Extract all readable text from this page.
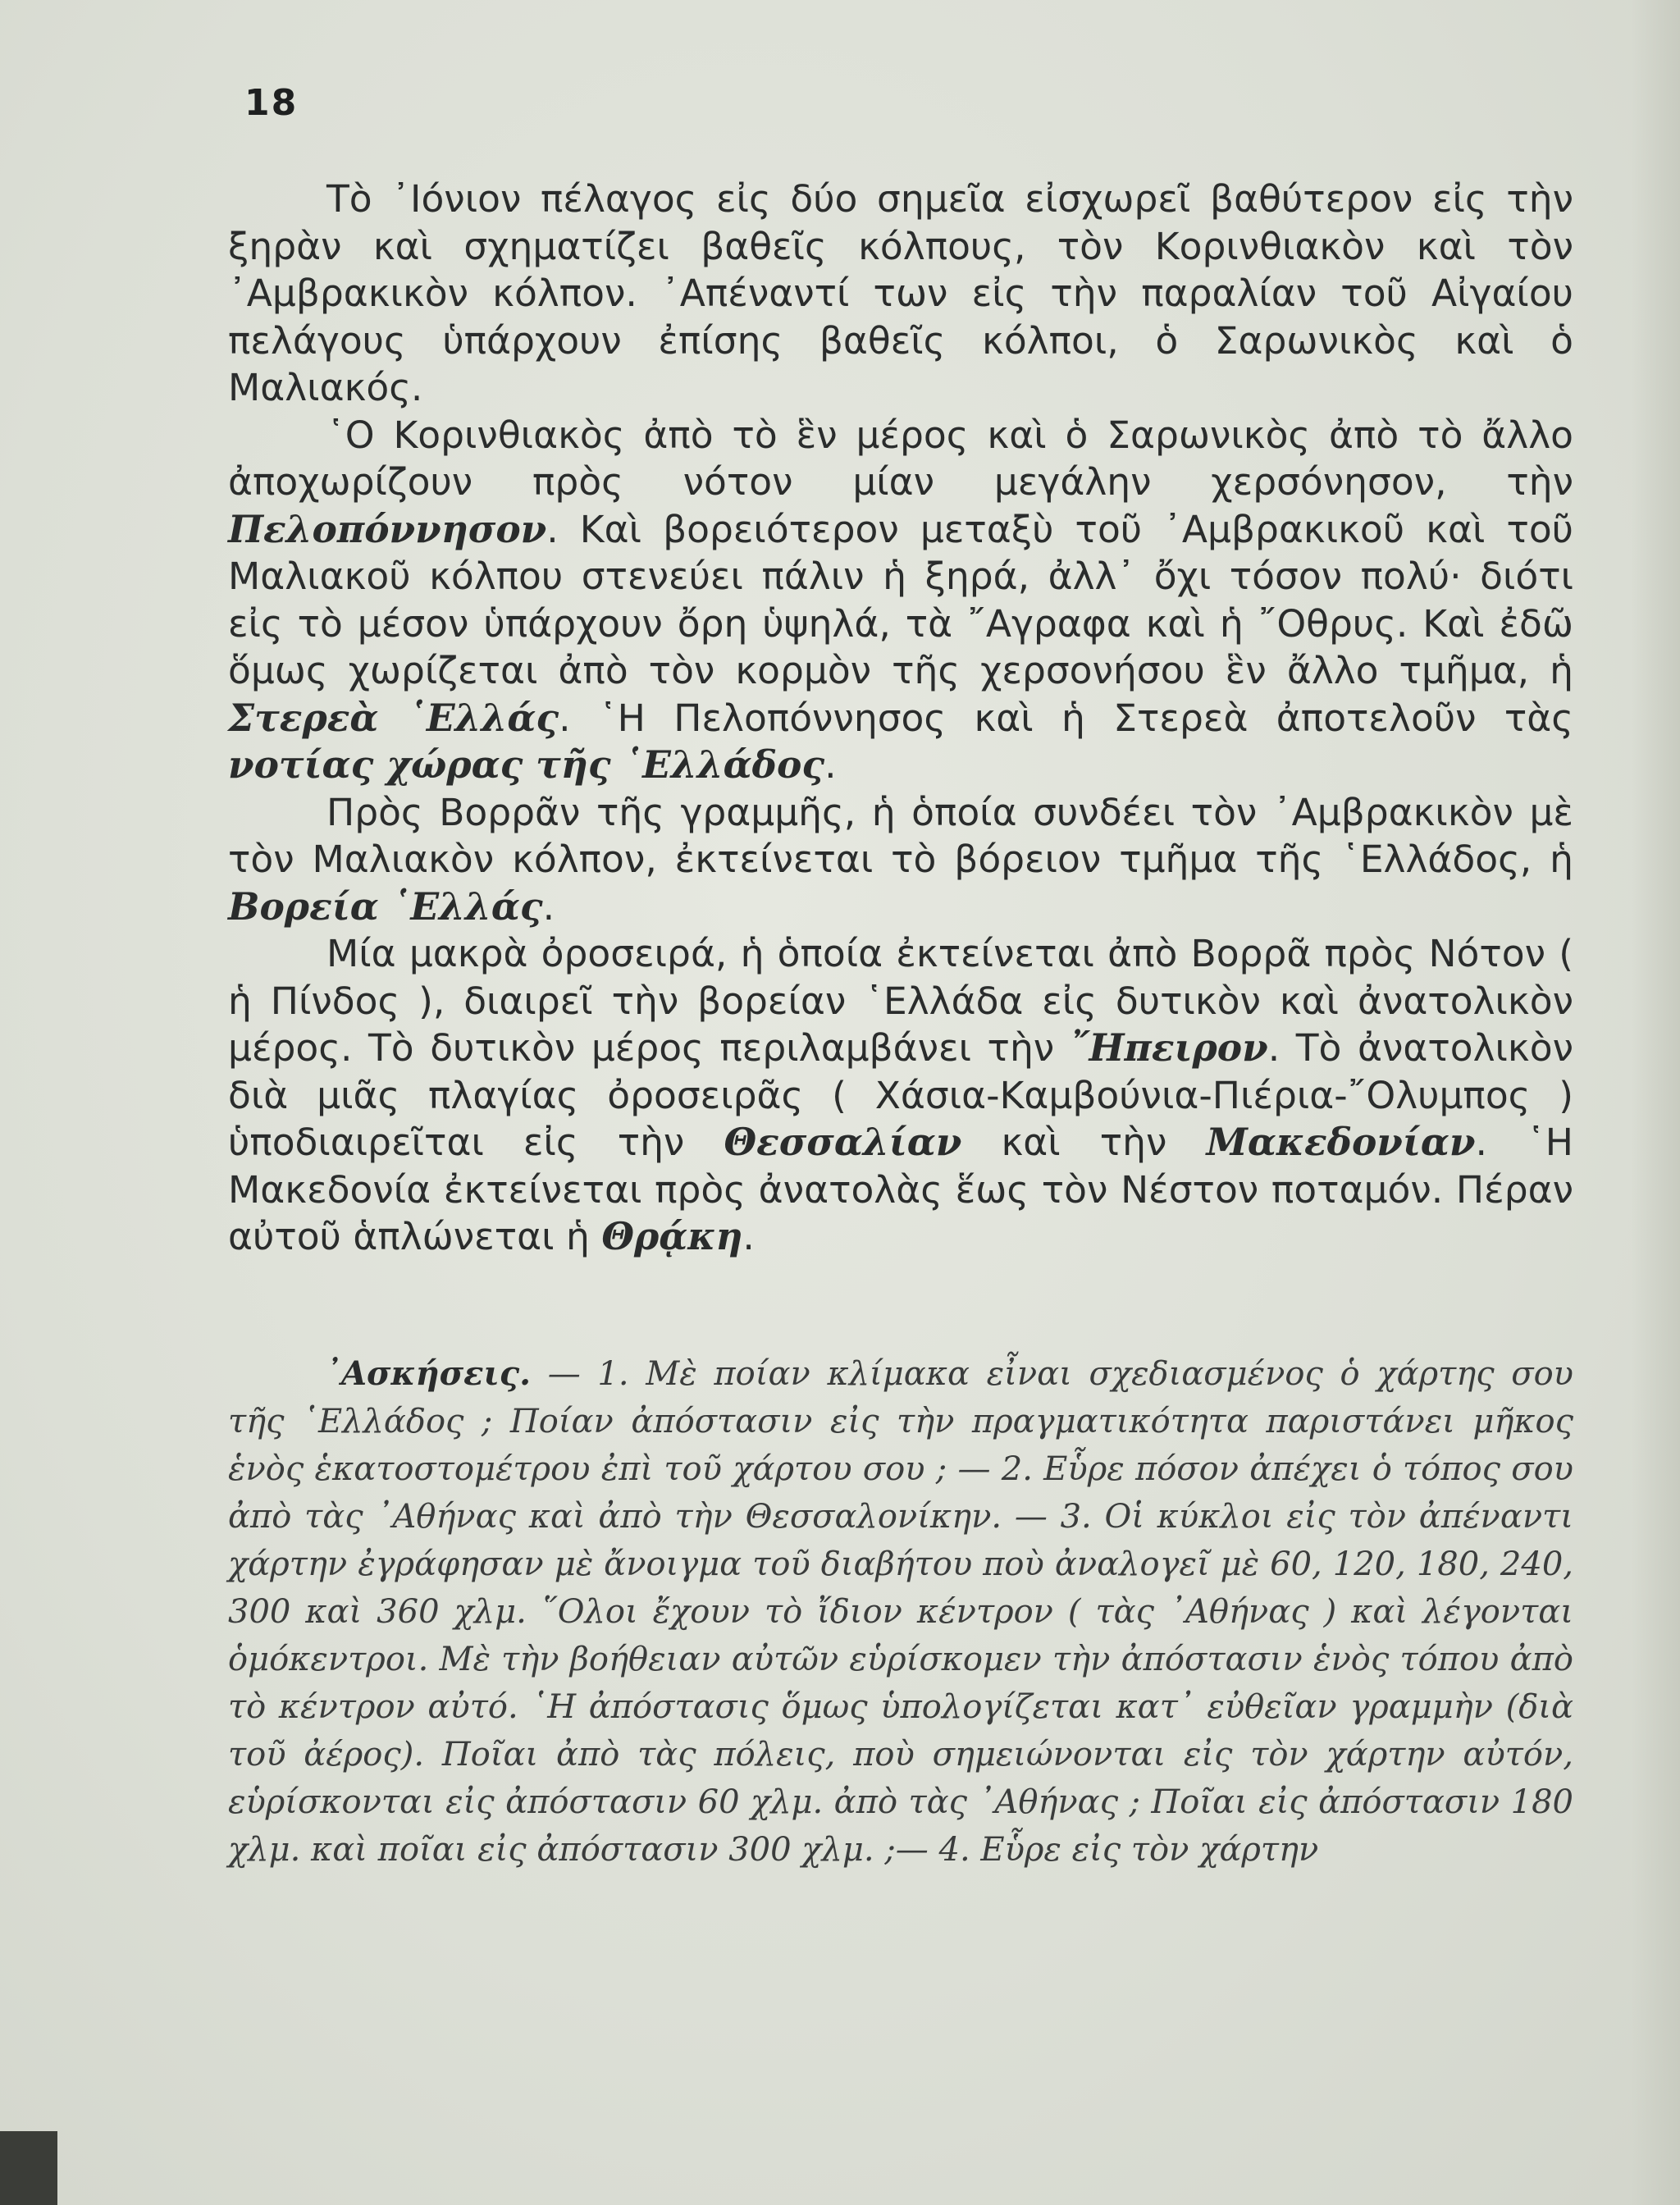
18

Τὸ ᾽Ιόνιον πέλαγος εἰς δύο σημεῖα εἰσχωρεῖ βαθύτερον εἰς τὴν ξηρὰν καὶ σχηματίζει βαθεῖς κόλπους, τὸν Κορινθιακὸν καὶ τὸν ᾽Αμβρακικὸν κόλπον. ᾽Απέναντί των εἰς τὴν παραλίαν τοῦ Αἰγαίου πελάγους ὑπάρχουν ἐπίσης βαθεῖς κόλποι, ὁ Σαρωνικὸς καὶ ὁ Μαλιακός.

῾Ο Κορινθιακὸς ἀπὸ τὸ ἓν μέρος καὶ ὁ Σαρωνικὸς ἀπὸ τὸ ἄλλο ἀποχωρίζουν πρὸς νότον μίαν μεγάλην χερσόνησον, τὴν Πελοπόννησον. Καὶ βορειότερον μεταξὺ τοῦ ᾽Αμβρακικοῦ καὶ τοῦ Μαλιακοῦ κόλπου στενεύει πάλιν ἡ ξηρά, ἀλλ᾽ ὄχι τόσον πολύ· διότι εἰς τὸ μέσον ὑπάρχουν ὄρη ὑψηλά, τὰ ῎Αγραφα καὶ ἡ ῎Οθρυς. Καὶ ἐδῶ ὅμως χωρίζεται ἀπὸ τὸν κορμὸν τῆς χερσονήσου ἓν ἄλλο τμῆμα, ἡ Στερεὰ ῾Ελλάς. ῾Η Πελοπόννησος καὶ ἡ Στερεὰ ἀποτελοῦν τὰς νοτίας χώρας τῆς ῾Ελλάδος.

Πρὸς Βορρᾶν τῆς γραμμῆς, ἡ ὁποία συνδέει τὸν ᾽Αμβρακικὸν μὲ τὸν Μαλιακὸν κόλπον, ἐκτείνεται τὸ βόρειον τμῆμα τῆς ῾Ελλάδος, ἡ Βορεία ῾Ελλάς.

Μία μακρὰ ὀροσειρά, ἡ ὁποία ἐκτείνεται ἀπὸ Βορρᾶ πρὸς Νότον ( ἡ Πίνδος ), διαιρεῖ τὴν βορείαν ῾Ελλάδα εἰς δυτικὸν καὶ ἀνατολικὸν μέρος. Τὸ δυτικὸν μέρος περιλαμβάνει τὴν ῎Ηπειρον. Τὸ ἀνατολικὸν διὰ μιᾶς πλαγίας ὀροσειρᾶς ( Χάσια-Καμβούνια-Πιέρια-῎Ολυμπος ) ὑποδιαιρεῖται εἰς τὴν Θεσσαλίαν καὶ τὴν Μακεδονίαν. ῾Η Μακεδονία ἐκτείνεται πρὸς ἀνατολὰς ἕως τὸν Νέστον ποταμόν. Πέραν αὐτοῦ ἁπλώνεται ἡ Θρᾴκη.

᾽Ασκήσεις. — 1. Μὲ ποίαν κλίμακα εἶναι σχεδιασμένος ὁ χάρτης σου τῆς ῾Ελλάδος ; Ποίαν ἀπόστασιν εἰς τὴν πραγματικότητα παριστάνει μῆκος ἑνὸς ἑκατοστομέτρου ἐπὶ τοῦ χάρτου σου ; — 2. Εὗρε πόσον ἀπέχει ὁ τόπος σου ἀπὸ τὰς ᾽Αθήνας καὶ ἀπὸ τὴν Θεσσαλονίκην. — 3. Οἱ κύκλοι εἰς τὸν ἀπέναντι χάρτην ἐγράφησαν μὲ ἄνοιγμα τοῦ διαβήτου ποὺ ἀναλογεῖ μὲ 60, 120, 180, 240, 300 καὶ 360 χλμ. ῞Ολοι ἔχουν τὸ ἴδιον κέντρον ( τὰς ᾽Αθήνας ) καὶ λέγονται ὁμόκεντροι. Μὲ τὴν βοήθειαν αὐτῶν εὑρίσκομεν τὴν ἀπόστασιν ἑνὸς τόπου ἀπὸ τὸ κέντρον αὐτό. ῾Η ἀπόστασις ὅμως ὑπολογίζεται κατ᾽ εὐθεῖαν γραμμὴν (διὰ τοῦ ἀέρος). Ποῖαι ἀπὸ τὰς πόλεις, ποὺ σημειώνονται εἰς τὸν χάρτην αὐτόν, εὑρίσκονται εἰς ἀπόστασιν 60 χλμ. ἀπὸ τὰς ᾽Αθήνας ; Ποῖαι εἰς ἀπόστασιν 180 χλμ. καὶ ποῖαι εἰς ἀπόστασιν 300 χλμ. ;— 4. Εὗρε εἰς τὸν χάρτην
